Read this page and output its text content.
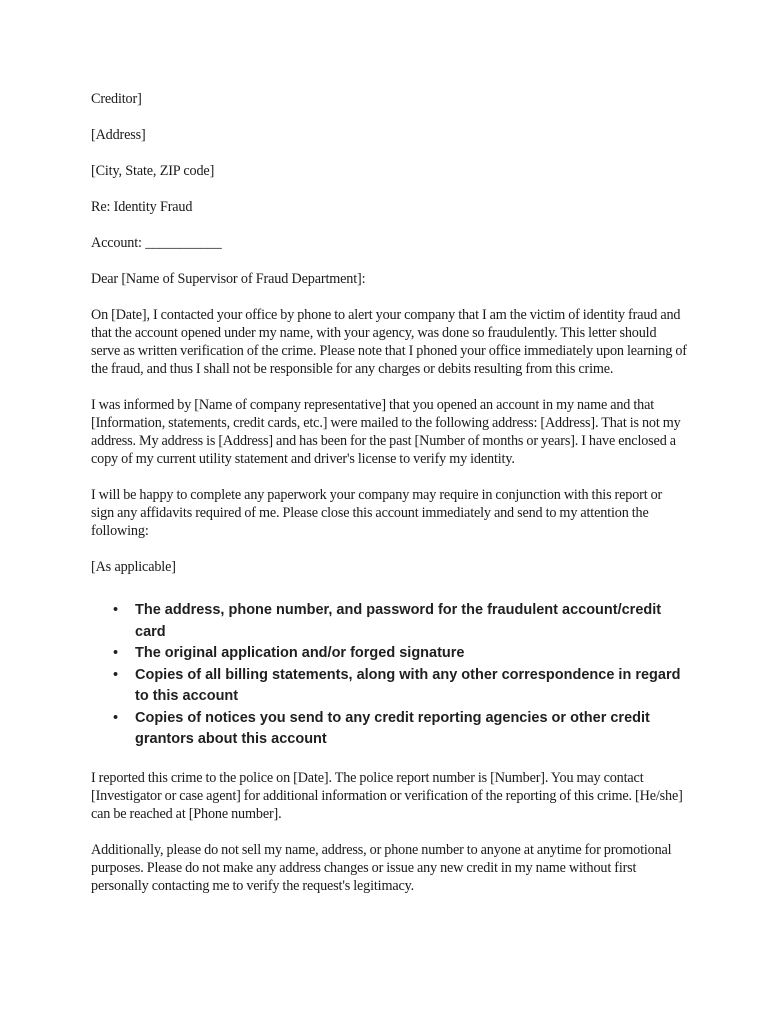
Creditor]

[Address]

[City, State, ZIP code]

Re: Identity Fraud

Account: ___________

Dear [Name of Supervisor of Fraud Department]:

On [Date], I contacted your office by phone to alert your company that I am the victim of identity fraud and that the account opened under my name, with your agency, was done so fraudulently. This letter should serve as written verification of the crime. Please note that I phoned your office immediately upon learning of the fraud, and thus I shall not be responsible for any charges or debits resulting from this crime.

I was informed by [Name of company representative] that you opened an account in my name and that [Information, statements, credit cards, etc.] were mailed to the following address: [Address]. That is not my address. My address is [Address] and has been for the past [Number of months or years]. I have enclosed a copy of my current utility statement and driver's license to verify my identity.

I will be happy to complete any paperwork your company may require in conjunction with this report or sign any affidavits required of me. Please close this account immediately and send to my attention the following:

[As applicable]

• The address, phone number, and password for the fraudulent account/credit card
• The original application and/or forged signature
• Copies of all billing statements, along with any other correspondence in regard to this account
• Copies of notices you send to any credit reporting agencies or other credit grantors about this account

I reported this crime to the police on [Date]. The police report number is [Number]. You may contact [Investigator or case agent] for additional information or verification of the reporting of this crime. [He/she] can be reached at [Phone number].

Additionally, please do not sell my name, address, or phone number to anyone at anytime for promotional purposes. Please do not make any address changes or issue any new credit in my name without first personally contacting me to verify the request's legitimacy.
